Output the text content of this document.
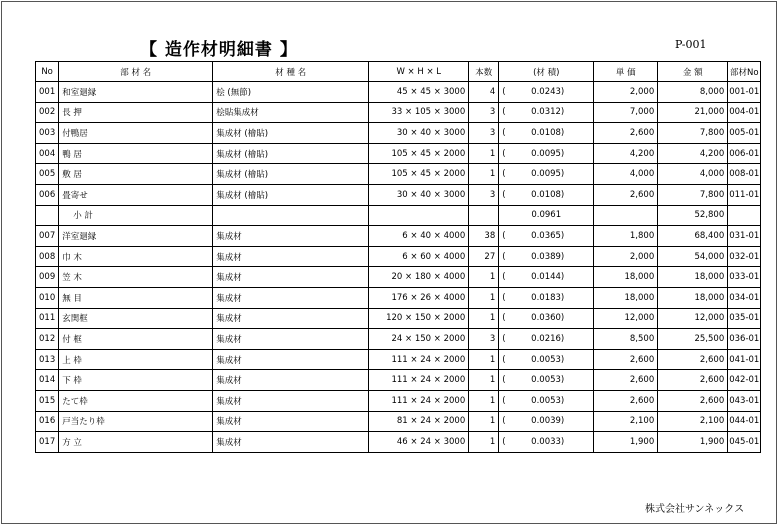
【 造作材明細書 】	P-001
No	部 材 名	材 種 名	W × H × L	本数	(材 積)	単 価	金 額	部材No
001	和室廻縁	桧 (無節)	45 × 45 × 3000	4	( 0.0243)	2,000	8,000	001-01
002	長 押	桧貼集成材	33 × 105 × 3000	3	( 0.0312)	7,000	21,000	004-01
003	付鴨居	集成材 (檜貼)	30 × 40 × 3000	3	( 0.0108)	2,600	7,800	005-01
004	鴨 居	集成材 (檜貼)	105 × 45 × 2000	1	( 0.0095)	4,200	4,200	006-01
005	敷 居	集成材 (檜貼)	105 × 45 × 2000	1	( 0.0095)	4,000	4,000	008-01
006	畳寄せ	集成材 (檜貼)	30 × 40 × 3000	3	( 0.0108)	2,600	7,800	011-01
	小 計				0.0961		52,800	
007	洋室廻縁	集成材	6 × 40 × 4000	38	( 0.0365)	1,800	68,400	031-01
008	巾 木	集成材	6 × 60 × 4000	27	( 0.0389)	2,000	54,000	032-01
009	笠 木	集成材	20 × 180 × 4000	1	( 0.0144)	18,000	18,000	033-01
010	無 目	集成材	176 × 26 × 4000	1	( 0.0183)	18,000	18,000	034-01
011	玄関框	集成材	120 × 150 × 2000	1	( 0.0360)	12,000	12,000	035-01
012	付 框	集成材	24 × 150 × 2000	3	( 0.0216)	8,500	25,500	036-01
013	上 枠	集成材	111 × 24 × 2000	1	( 0.0053)	2,600	2,600	041-01
014	下 枠	集成材	111 × 24 × 2000	1	( 0.0053)	2,600	2,600	042-01
015	たて枠	集成材	111 × 24 × 2000	1	( 0.0053)	2,600	2,600	043-01
016	戸当たり枠	集成材	81 × 24 × 2000	1	( 0.0039)	2,100	2,100	044-01
017	方 立	集成材	46 × 24 × 3000	1	( 0.0033)	1,900	1,900	045-01
株式会社サンネックス
